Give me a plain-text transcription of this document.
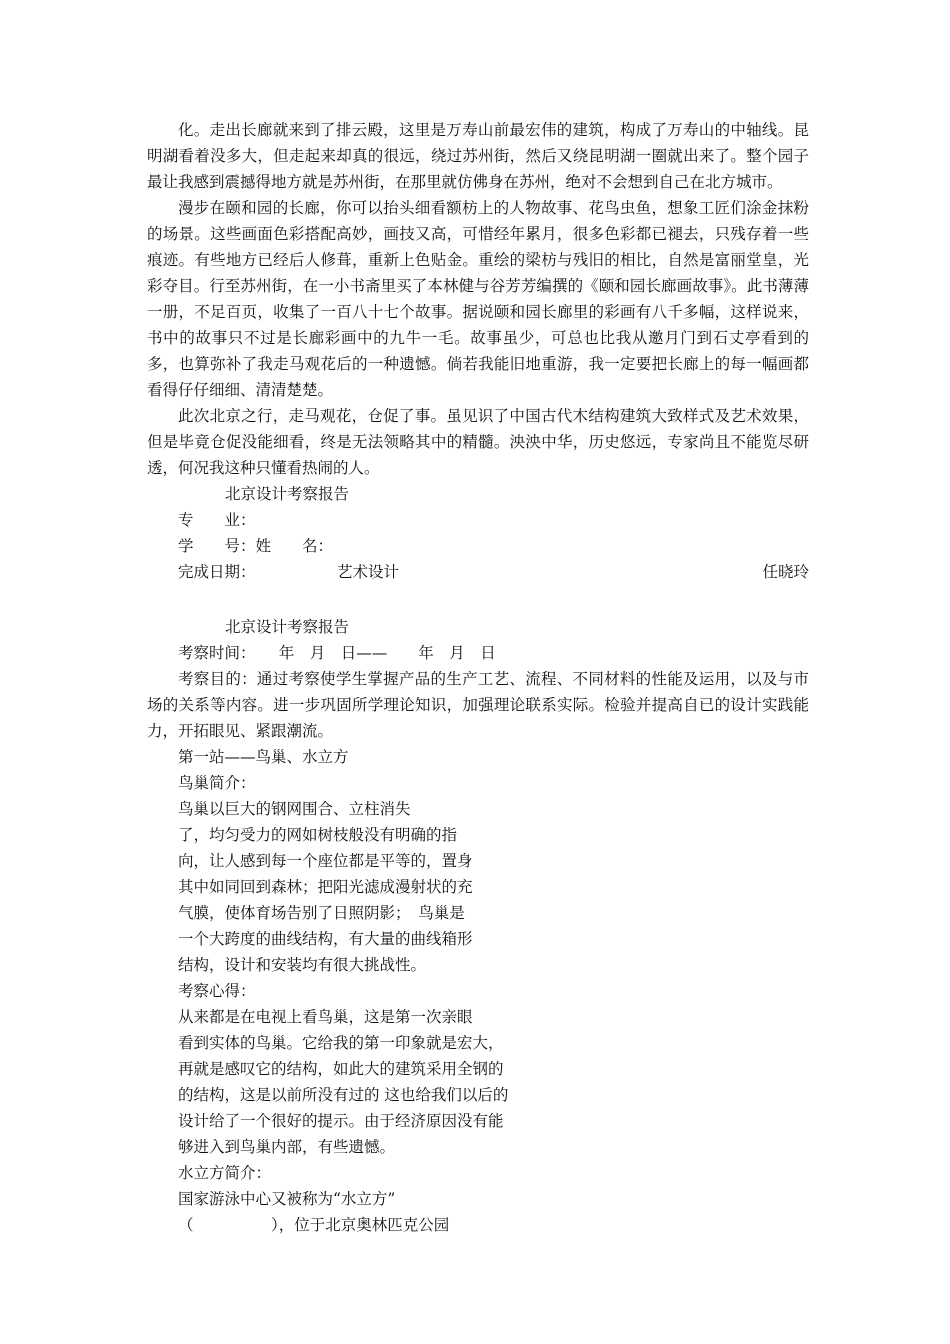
化。走出长廊就来到了排云殿，这里是万寿山前最宏伟的建筑，构成了万寿山的中轴线。昆明湖看着没多大，但走起来却真的很远，绕过苏州街，然后又绕昆明湖一圈就出来了。整个园子最让我感到震撼得地方就是苏州街，在那里就仿佛身在苏州，绝对不会想到自己在北方城市。

漫步在颐和园的长廊，你可以抬头细看额枋上的人物故事、花鸟虫鱼，想象工匠们涂金抹粉的场景。这些画面色彩搭配高妙，画技又高，可惜经年累月，很多色彩都已褪去，只残存着一些痕迹。有些地方已经后人修葺，重新上色贴金。重绘的梁枋与残旧的相比，自然是富丽堂皇，光彩夺目。行至苏州街，在一小书斋里买了本林健与谷芳芳编撰的《颐和园长廊画故事》。此书薄薄一册，不足百页，收集了一百八十七个故事。据说颐和园长廊里的彩画有八千多幅，这样说来，书中的故事只不过是长廊彩画中的九牛一毛。故事虽少，可总也比我从邀月门到石丈亭看到的多，也算弥补了我走马观花后的一种遗憾。倘若我能旧地重游，我一定要把长廊上的每一幅画都看得仔仔细细、清清楚楚。

此次北京之行，走马观花，仓促了事。虽见识了中国古代木结构建筑大致样式及艺术效果，但是毕竟仓促没能细看，终是无法领略其中的精髓。泱泱中华，历史悠远，专家尚且不能览尽研透，何况我这种只懂看热闹的人。

北京设计考察报告
专　　业：
学　　号：姓　　名：
完成日期：	艺术设计	任晓玲
北京设计考察报告
考察时间：　　年　月　日——　　年　月　日

考察目的：通过考察使学生掌握产品的生产工艺、流程、不同材料的性能及运用，以及与市场的关系等内容。进一步巩固所学理论知识，加强理论联系实际。检验并提高自已的设计实践能力，开拓眼见、紧跟潮流。

第一站——鸟巢、水立方
鸟巢简介：
鸟巢以巨大的钢网围合、立柱消失
了，均匀受力的网如树枝般没有明确的指
向，让人感到每一个座位都是平等的，置身
其中如同回到森林；把阳光滤成漫射状的充
气膜，使体育场告别了日照阴影；　鸟巢是
一个大跨度的曲线结构，有大量的曲线箱形
结构，设计和安装均有很大挑战性。
考察心得：
从来都是在电视上看鸟巢，这是第一次亲眼
看到实体的鸟巢。它给我的第一印象就是宏大，
再就是感叹它的结构，如此大的建筑采用全钢的
的结构，这是以前所没有过的 这也给我们以后的
设计给了一个很好的提示。由于经济原因没有能
够进入到鸟巢内部，有些遗憾。
水立方简介：
国家游泳中心又被称为“水立方”
（　　　　　），位于北京奥林匹克公园
